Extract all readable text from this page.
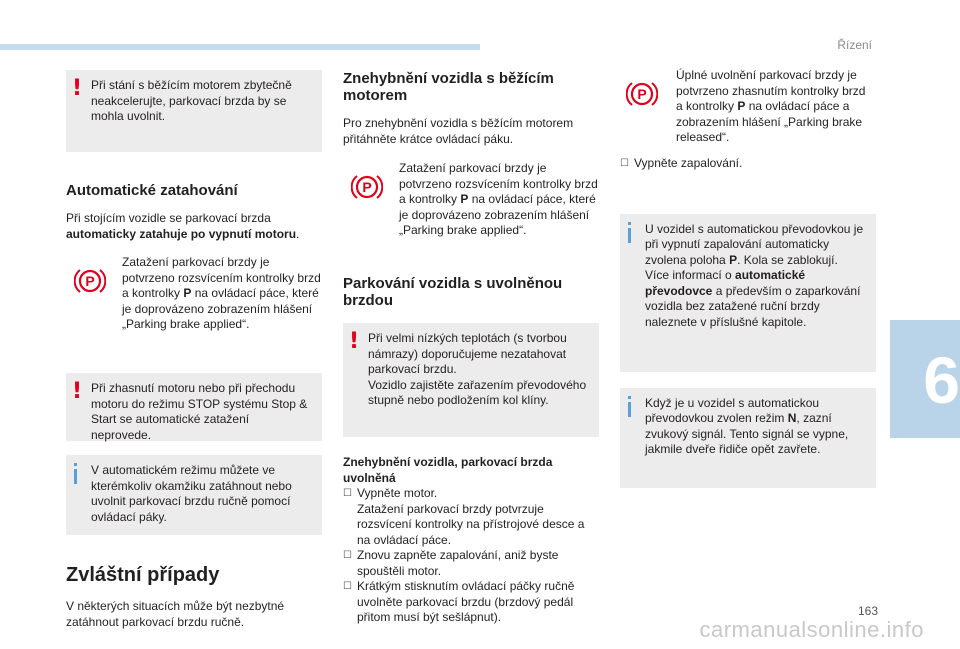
Řízení
6
163
carmanualsonline.info
! Při stání s běžícím motorem zbytečně neakcelerujte, parkovací brzda by se mohla uvolnit.

Automatické zatahování

Při stojícím vozidle se parkovací brzda automaticky zatahuje po vypnutí motoru.

P

Zatažení parkovací brzdy je potvrzeno rozsvícením kontrolky brzd a kontrolky P na ovládací páce, které je doprovázeno zobrazením hlášení „Parking brake applied“.

! Při zhasnutí motoru nebo při přechodu motoru do režimu STOP systému Stop & Start se automatické zatažení neprovede.

V automatickém režimu můžete ve kterémkoliv okamžiku zatáhnout nebo uvolnit parkovací brzdu ručně pomocí ovládací páky.

Zvláštní případy

V některých situacích může být nezbytné zatáhnout parkovací brzdu ručně.

Znehybnění vozidla s běžícím motorem

Pro znehybnění vozidla s běžícím motorem přitáhněte krátce ovládací páku.

P

Zatažení parkovací brzdy je potvrzeno rozsvícením kontrolky brzd a kontrolky P na ovládací páce, které je doprovázeno zobrazením hlášení „Parking brake applied“.

Parkování vozidla s uvolněnou brzdou
! Při velmi nízkých teplotách (s tvorbou námrazy) doporučujeme nezatahovat parkovací brzdu.
Vozidlo zajistěte zařazením převodového stupně nebo podložením kol klíny.

Znehybnění vozidla, parkovací brzda uvolněná

☐ Vypněte motor.
Zatažení parkovací brzdy potvrzuje rozsvícení kontrolky na přístrojové desce a na ovládací páce.

☐ Znovu zapněte zapalování, aniž byste spouštěli motor.

☐ Krátkým stisknutím ovládací páčky ručně uvolněte parkovací brzdu (brzdový pedál přitom musí být sešlápnut).

P

Úplné uvolnění parkovací brzdy je potvrzeno zhasnutím kontrolky brzd a kontrolky P na ovládací páce a zobrazením hlášení „Parking brake released“.

☐ Vypněte zapalování.

U vozidel s automatickou převodovkou je při vypnutí zapalování automaticky zvolena poloha P. Kola se zablokují.
Více informací o automatické převodovce a především o zaparkování vozidla bez zatažené ruční brzdy naleznete v příslušné kapitole.

Když je u vozidel s automatickou převodovkou zvolen režim N, zazní zvukový signál. Tento signál se vypne, jakmile dveře řidiče opět zavřete.
